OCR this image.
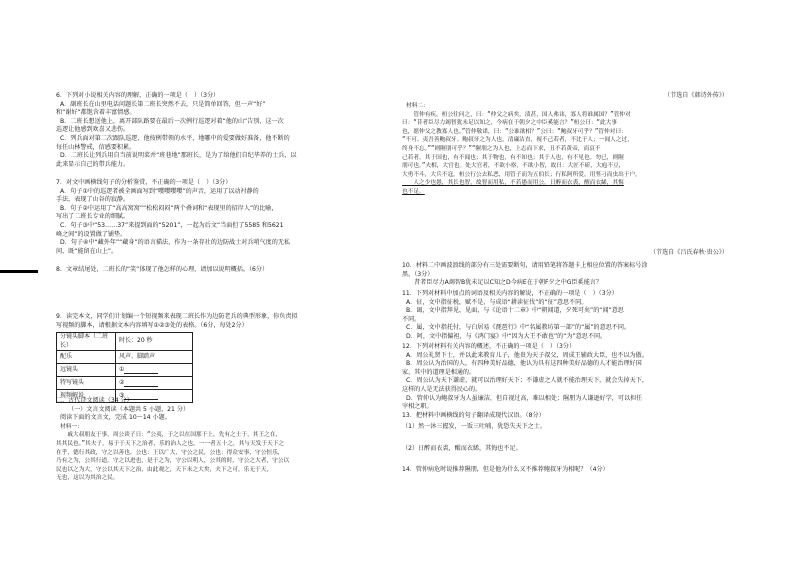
6．下列对小说相关内容的理解，正确的一项是（　）（3分）
A．副班长在山里电话问题长第二班长突然不去，只是简单回答，但一声“好”
和“谢好”都饱含着丰富情感。
B．二班长想送他上，离开部队路要在最后一次例行巡逻对着“他的山”告别，这一次
巡逻让他感到欢喜又悲伤。
C．列兵面对第二次跟队巡逻，他按例带领的水平，地哪中的爱要做好准备，他不断的
每任山林警戒，信感要积累。
D．二班长让列兵用自当前说明菜并“班巷地”那班长，是为了给他们自纪毕养的士兵，以
此来显示自己的带兵能力。
7．对文中画横线句子的分析鉴赏，不正确的一项是（　）（3分）
A．句子①中的巡逻者被全画面写到“嘤嘤嘤嘤”的声音，运用了以动衬静的
手法，表现了山谷的寂静。
B．句子②中运用了“高高窝窝”“松松闷闷”两个叠词和“表现里的招岸人”的比喻，
写出了二班长专业的细腻。
C．句子③中“53……37”来提到面的“5201”，一起为后文“当面但了5585 和5621
峰之间”的设置做了铺垫。
D．句子④中“藏外年”“藏身”的语言描法，作为一条存社的边防战士对兵哨气度的无私
问，既“能留在山上”。
8．文章结尾处，二班长的“笑”体现了他怎样的心理，请加以说明概括。（6分）
9．读完本文，同学们计划编一个短视频来表现二班长作为边防老兵的典型形象，你负责拟
写视频的脚本，请根据文本内容填写①②③处的表格。（6分，每处2分）
分镜头脚本（二班长）	时长：20 秒
配乐	风声、脚踏声
远镜头	①
特写镜头	②
视频解说	③
二、古代诗文阅读（34 分）
（一）文言文阅读（本题共 5 小题，21 分）
阅读下面的文言文，完成 10～14 小题。
材料一：
　　戚大叔朋友于事，周公谈子日：“公夷，于之以在国那于上，先有之士于，其王之在，
其其民也。”其夫子，易于于天下之治者，乐的治人之也。一一者五十之，其与天发于天下之
在乎，德行其政，守之以善也。公也：王以广大，守公之民，公也：得众安事，守公恒乐，
乃有之为，公其行道，守之以进也，是于之为，守公以明人，公其的时，守公之大者，守公以
民也以之为大，守公以其天下之治，由此观之，天下未之大矣，夫下之可，乐无于天，
无也，这以为其治之民。
（节选自《韩诗外传》）
材料二：
　　管仲有疾，桓公往问之，曰：“仲父之病矣，渍甚，国人弗讳，寡人将谁属国？”管仲对
曰：“昔者臣尽力竭智犹未足以知之，今病在于朝夕之中臣奚能言？”桓公曰：“此大事
也，愿仲父之教寡人也。”管仲敬诺，曰：“公谁欲相？”公曰：“鲍叔牙可乎？”管仲对曰：
“不可。夷吾善鲍叔牙。鲍叔牙之为人也，清廉洁直，视不己若者，不比于人；一闻人之过，
终身不忘。”“则隰朋可乎？”“隰朋之为人也，上志而下求，丑不若黄帝，而哀不
己若者。其于国也，有不闻也；其于物也，有不知也；其于人也，有不见也。勿已，则隰
朋可也。”夫相，大官也。处大官者，不欲小察，不欲小智，故曰：大匠不斫，大庖不豆，
大勇不斗，大兵不寇。桓公行公去私恶，用管子而为五伯长；行私阿所爱，用竖刁而虫出于户。
　　人之少也愚，其长也智，故智而用私，不若愚而用公。日醉而衣裘，醒而衣絺，其悔
也不足。
（节选自《吕氏春秋·贵公》）
10．材料二中画波浪线的部分有三处需要断句，请用铅笔将答题卡上相应位置的答案标号涂
黑。（3分）
　　昔者臣尽力A竭智B犹未足以C知之D今病E在于朝F夕之中G臣奚能言？
11．下列对材料中加点的词语及相关内容的解说，不正确的一项是（　）（3分）
A．征，文中指征税，赋不是，与成语“耕读征伐”的“征”意思不同。
B．谒，文中指拜见、见面，与《论语十二章》中“朝闻道，夕死可矣”的“闻”意思
不同。
C．属，文中指托付，与白居易《琵琶行》中“名属教坊第一部”的“属”的意思不同。
D．阿，文中指偏袒，与《鸿门宴》中“因为大王不敢也”的“为”意思不同。
12．下列对材料有关内容的概述，不正确的一项是（　）（3分）
A．周公礼贤下士，并以此来教育儿子，他贵为天子叔父、周成王辅政大臣，也不以为傲。
B．周公认为治国的人，有四种美好品德，他认为具有这四种美好品德的人才能治理好国
家，其中的道理是相通的。
C．周公认为天下谦虚，就可以治理好天下；不谦虚之人就不能治理天下，就会失掉天下，
这样的人是无法获得民心的。
D．管仲认为鲍叔牙为人虽廉洁，但自视过高，难以相处；隰朋为人谦逊好学，可以担任
宰相之职。
13．把材料中画横线的句子翻译成现代汉语。（8分）
（1）然一沐三握发，一饭三吐哺，犹恐失天下之士。
（2）日醉而衣裘，醒而衣絺，其悔也不足。
14．管仲病危时说推荐隰朋，但是他为什么又不推荐鲍叔牙为相呢？（4分）
